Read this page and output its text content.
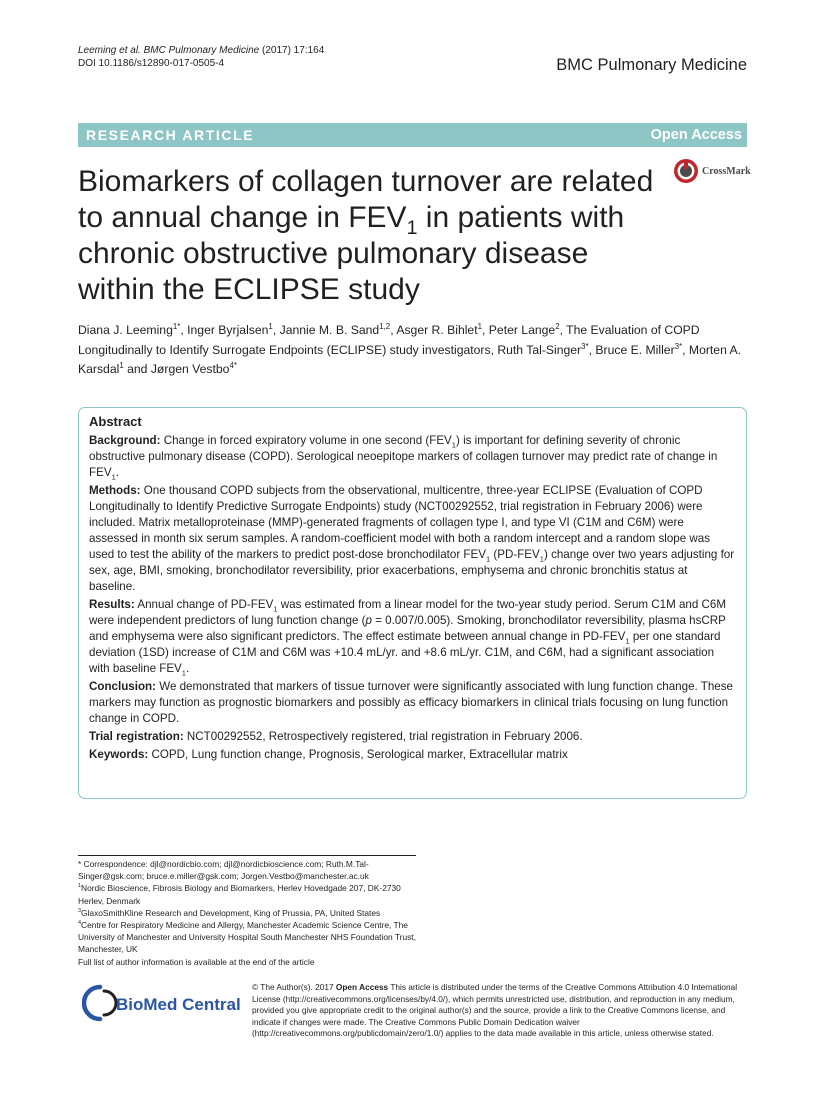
Leeming et al. BMC Pulmonary Medicine (2017) 17:164
DOI 10.1186/s12890-017-0505-4	BMC Pulmonary Medicine
RESEARCH ARTICLE	Open Access
Biomarkers of collagen turnover are related
to annual change in $FEV_1$ in patients with
chronic obstructive pulmonary disease
within the ECLIPSE study
CrossMark
Diana J. Leeming$^{1*}$, Inger Byrjalsen$^1$, Jannie M. B. Sand$^{1,2}$, Asger R. Bihlet$^1$, Peter Lange$^2$, The Evaluation of COPD Longitudinally to Identify Surrogate Endpoints (ECLIPSE) study investigators, Ruth Tal-Singer$^{3*}$, Bruce E. Miller$^{3*}$, Morten A. Karsdal$^1$ and Jørgen Vestbo$^{4*}$
Abstract

Background: Change in forced expiratory volume in one second $(FEV_1)$ is important for defining severity of chronic obstructive pulmonary disease (COPD). Serological neoepitope markers of collagen turnover may predict rate of change in $FEV_1$.

Methods: One thousand COPD subjects from the observational, multicentre, three-year ECLIPSE (Evaluation of COPD Longitudinally to Identify Predictive Surrogate Endpoints) study (NCT00292552, trial registration in February 2006) were included. Matrix metalloproteinase (MMP)-generated fragments of collagen type I, and type VI (C1M and C6M) were assessed in month six serum samples. A random-coefficient model with both a random intercept and a random slope was used to test the ability of the markers to predict post-dose bronchodilator $FEV_1$ $(PD-FEV_1)$ change over two years adjusting for sex, age, BMI, smoking, bronchodilator reversibility, prior exacerbations, emphysema and chronic bronchitis status at baseline.

Results: Annual change of $PD-FEV_1$ was estimated from a linear model for the two-year study period. Serum C1M and C6M were independent predictors of lung function change (p = 0.007/0.005). Smoking, bronchodilator reversibility, plasma hsCRP and emphysema were also significant predictors. The effect estimate between annual change in $PD-FEV_1$ per one standard deviation (1SD) increase of C1M and C6M was +10.4 mL/yr. and +8.6 mL/yr. C1M, and C6M, had a significant association with baseline $FEV_1$.

Conclusion: We demonstrated that markers of tissue turnover were significantly associated with lung function change. These markers may function as prognostic biomarkers and possibly as efficacy biomarkers in clinical trials focusing on lung function change in COPD.

Trial registration: NCT00292552, Retrospectively registered, trial registration in February 2006.

Keywords: COPD, Lung function change, Prognosis, Serological marker, Extracellular matrix

* Correspondence: djl@nordicbio.com; djl@nordicbioscience.com; Ruth.M.Tal-Singer@gsk.com; bruce.e.miller@gsk.com; Jorgen.Vestbo@manchester.ac.uk
$^1$Nordic Bioscience, Fibrosis Biology and Biomarkers, Herlev Hovedgade 207, DK-2730 Herlev, Denmark
$^3$GlaxoSmithKline Research and Development, King of Prussia, PA, United States
$^4$Centre for Respiratory Medicine and Allergy, Manchester Academic Science Centre, The University of Manchester and University Hospital South Manchester NHS Foundation Trust, Manchester, UK
Full list of author information is available at the end of the article
BioMed Central
© The Author(s). 2017 Open Access This article is distributed under the terms of the Creative Commons Attribution 4.0 International License (http://creativecommons.org/licenses/by/4.0/), which permits unrestricted use, distribution, and reproduction in any medium, provided you give appropriate credit to the original author(s) and the source, provide a link to the Creative Commons license, and indicate if changes were made. The Creative Commons Public Domain Dedication waiver (http://creativecommons.org/publicdomain/zero/1.0/) applies to the data made available in this article, unless otherwise stated.
